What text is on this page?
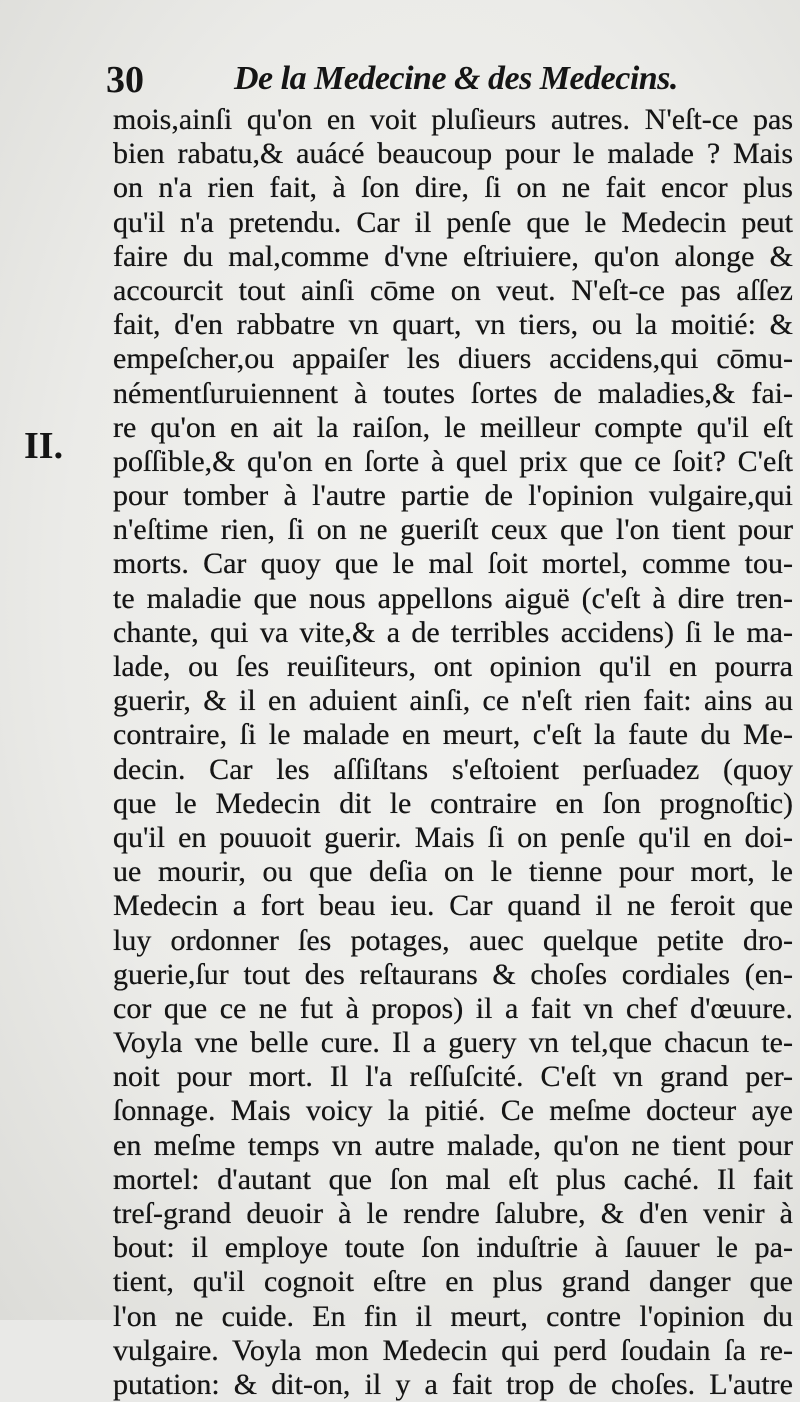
30	De la Medecine & des Medecins.
II.
mois,ainſi qu'on en voit pluſieurs autres. N'eſt-ce pas
bien rabatu,& auácé beaucoup pour le malade ? Mais
on n'a rien fait, à ſon dire, ſi on ne fait encor plus
qu'il n'a pretendu. Car il penſe que le Medecin peut
faire du mal,comme d'vne eſtriuiere, qu'on alonge &
accourcit tout ainſi cōme on veut. N'eſt-ce pas aſſez
fait, d'en rabbatre vn quart, vn tiers, ou la moitié: &
empeſcher,ou appaiſer les diuers accidens,qui cōmu-
némentſuruiennent à toutes ſortes de maladies,& fai-
re qu'on en ait la raiſon, le meilleur compte qu'il eſt
poſſible,& qu'on en ſorte à quel prix que ce ſoit? C'eſt
pour tomber à l'autre partie de l'opinion vulgaire,qui
n'eſtime rien, ſi on ne gueriſt ceux que l'on tient pour
morts. Car quoy que le mal ſoit mortel, comme tou-
te maladie que nous appellons aiguë (c'eſt à dire tren-
chante, qui va vite,& a de terribles accidens) ſi le ma-
lade, ou ſes reuiſiteurs, ont opinion qu'il en pourra
guerir, & il en aduient ainſi, ce n'eſt rien fait: ains au
contraire, ſi le malade en meurt, c'eſt la faute du Me-
decin. Car les aſſiſtans s'eſtoient perſuadez (quoy
que le Medecin dit le contraire en ſon prognoſtic)
qu'il en pouuoit guerir. Mais ſi on penſe qu'il en doi-
ue mourir, ou que deſia on le tienne pour mort, le
Medecin a fort beau ieu. Car quand il ne feroit que
luy ordonner ſes potages, auec quelque petite dro-
guerie,ſur tout des reſtaurans & choſes cordiales (en-
cor que ce ne fut à propos) il a fait vn chef d'œuure.
Voyla vne belle cure. Il a guery vn tel,que chacun te-
noit pour mort. Il l'a reſſuſcité. C'eſt vn grand per-
ſonnage. Mais voicy la pitié. Ce meſme docteur aye
en meſme temps vn autre malade, qu'on ne tient pour
mortel: d'autant que ſon mal eſt plus caché. Il fait
treſ-grand deuoir à le rendre ſalubre, & d'en venir à
bout: il employe toute ſon induſtrie à ſauuer le pa-
tient, qu'il cognoit eſtre en plus grand danger que
l'on ne cuide. En fin il meurt, contre l'opinion du
vulgaire. Voyla mon Medecin qui perd ſoudain ſa re-
putation: & dit-on, il y a fait trop de choſes. L'autre
